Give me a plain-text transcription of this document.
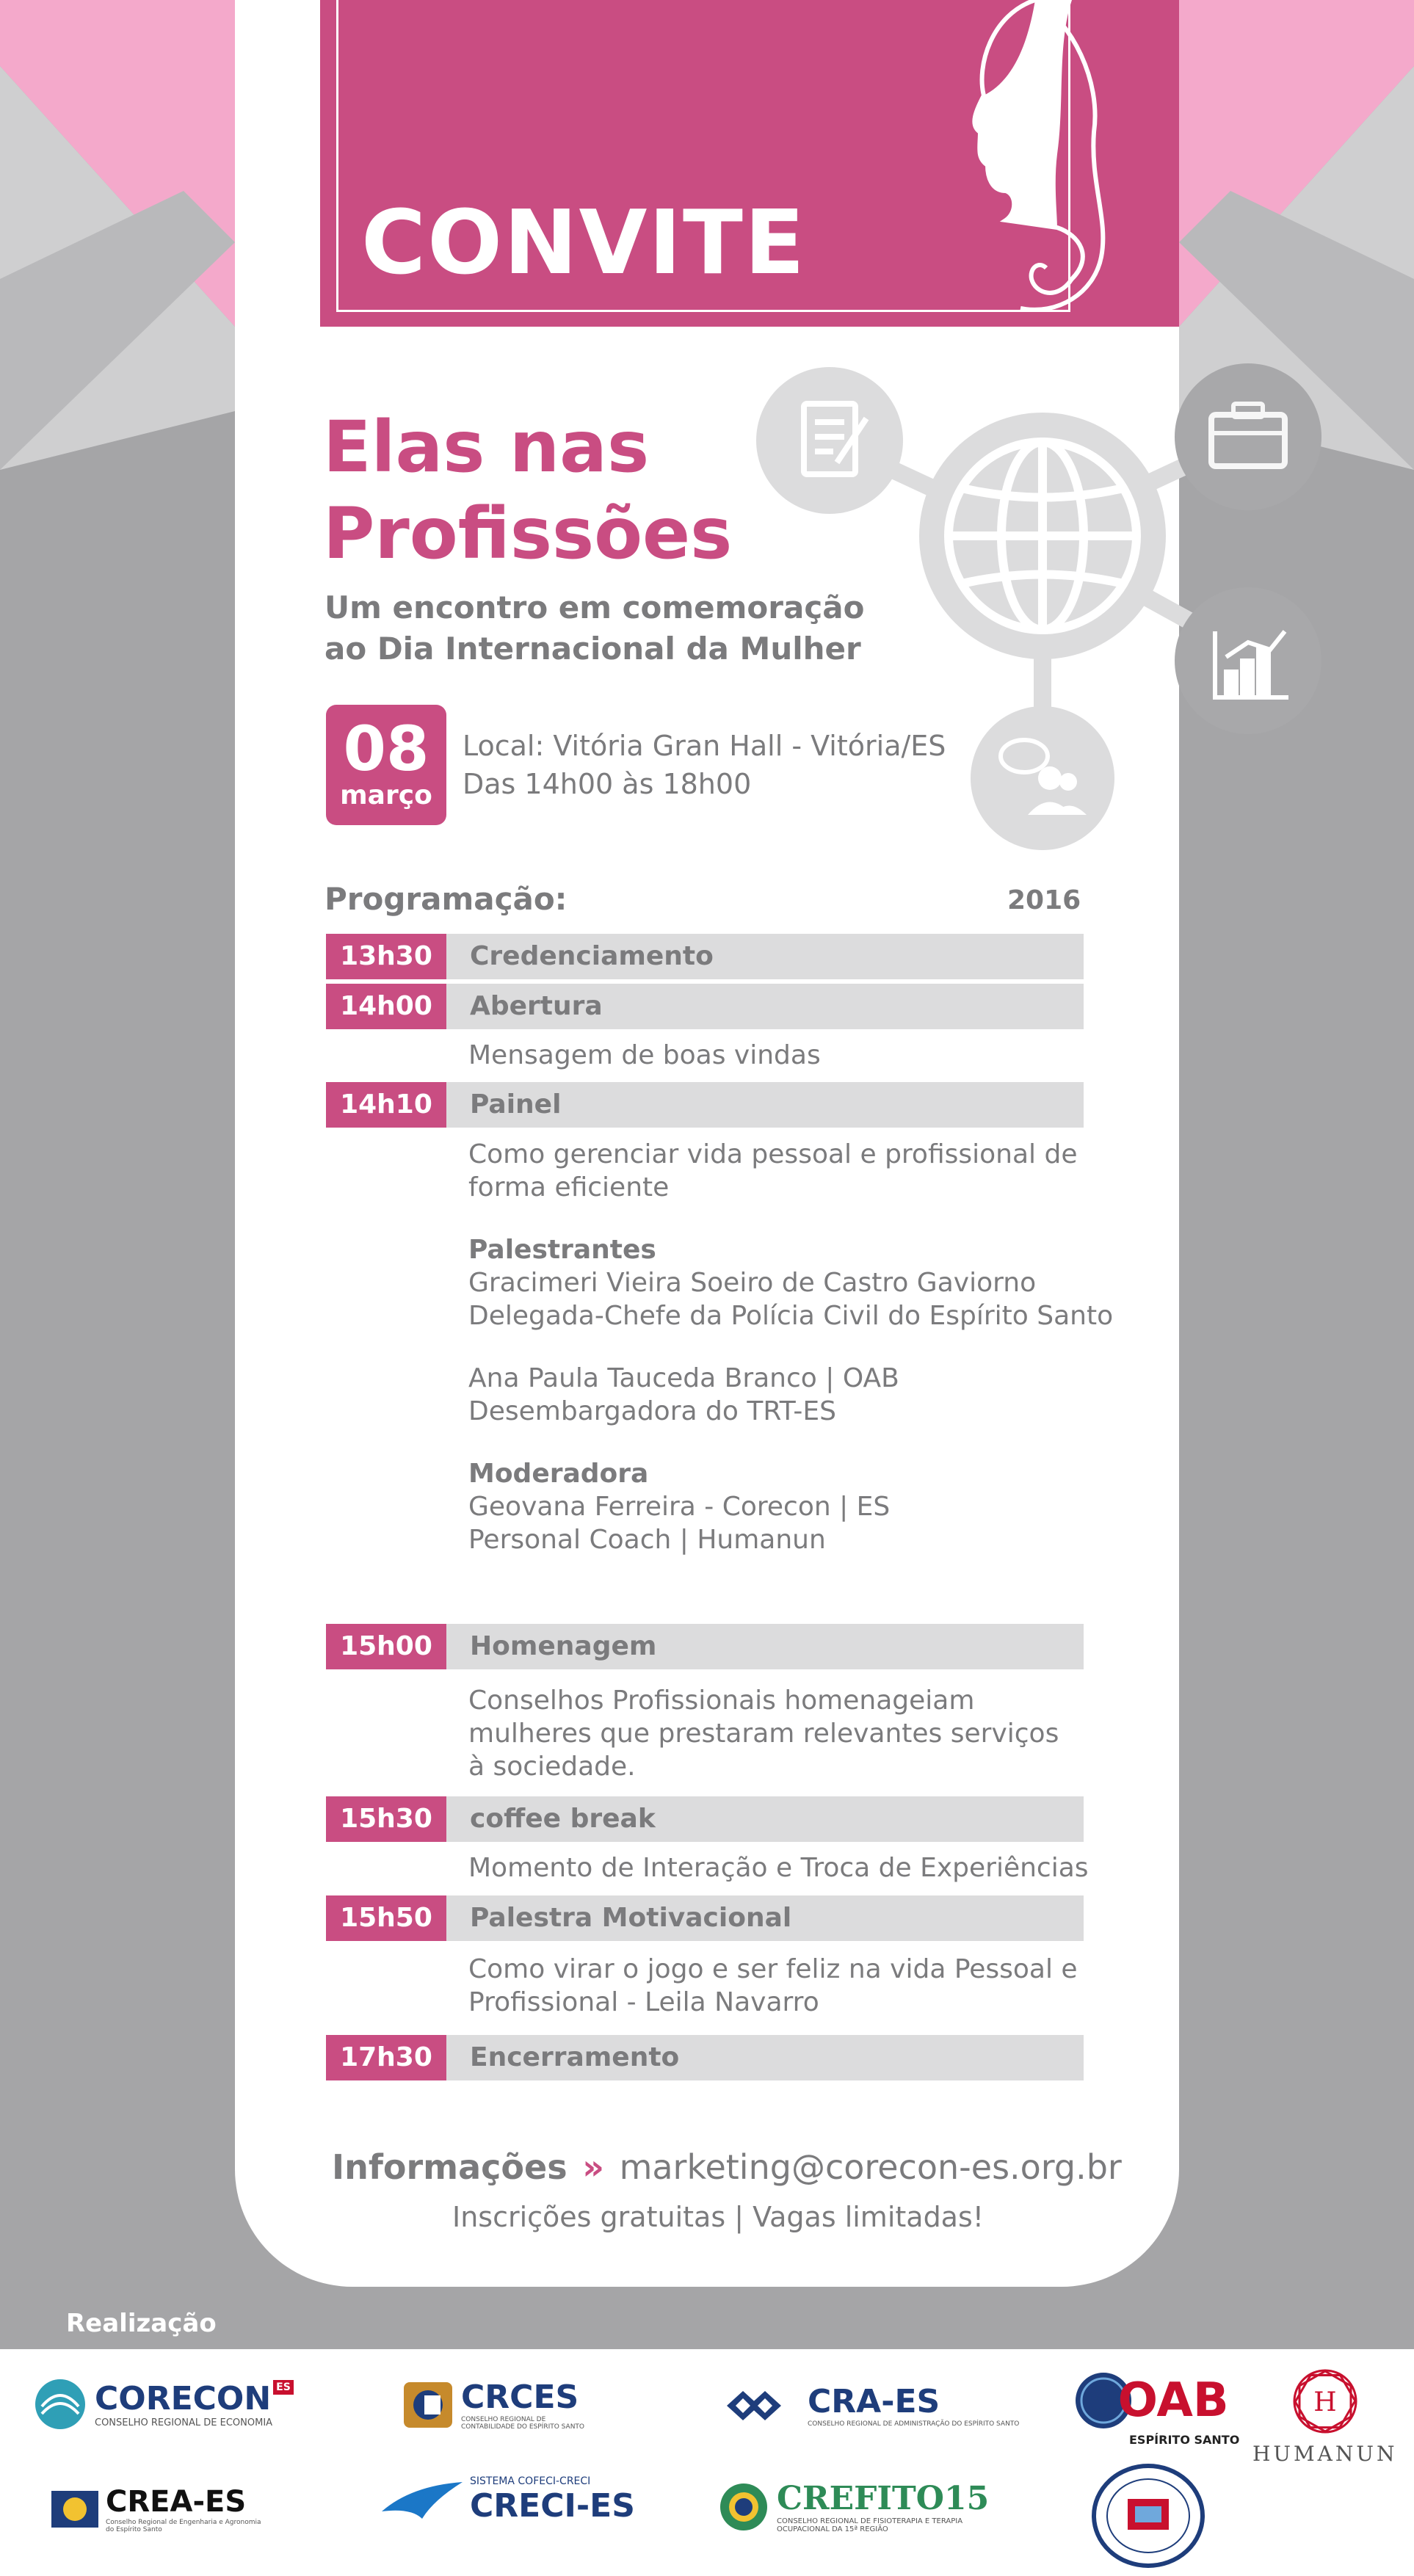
CONVITE
Elas nas
Profissões
Um encontro em comemoração
ao Dia Internacional da Mulher
08
março
Local: Vitória Gran Hall - Vitória/ES
Das 14h00 às 18h00
Programação:	2016
13h30	Credenciamento
14h00	Abertura
Mensagem de boas vindas
14h10	Painel
Como gerenciar vida pessoal e profissional de
forma eficiente
Palestrantes
Gracimeri Vieira Soeiro de Castro Gaviorno
Delegada-Chefe da Polícia Civil do Espírito Santo
Ana Paula Tauceda Branco | OAB
Desembargadora do TRT-ES
Moderadora
Geovana Ferreira - Corecon | ES
Personal Coach | Humanun
15h00	Homenagem
Conselhos Profissionais homenageiam
mulheres que prestaram relevantes serviços
à sociedade.
15h30	coffee break
Momento de Interação e Troca de Experiências
15h50	Palestra Motivacional
Como virar o jogo e ser feliz na vida Pessoal e
Profissional - Leila Navarro
17h30	Encerramento
Informações » marketing@corecon-es.org.br
Inscrições gratuitas | Vagas limitadas!
Realização
CORECON ES
CONSELHO REGIONAL DE ECONOMIA
CRCES
CONSELHO REGIONAL DE CONTABILIDADE DO ESPÍRITO SANTO
CRA-ES
CONSELHO REGIONAL DE ADMINISTRAÇÃO DO ESPÍRITO SANTO OAB
ESPÍRITO SANTO
H
HUMANUN
CREA-ES
Conselho Regional de Engenharia e Agronomia do Espírito Santo
SISTEMA COFECI-CRECI
CRECI-ES	CREFITO15
CONSELHO REGIONAL DE FISIOTERAPIA E TERAPIA OCUPACIONAL DA 15ª REGIÃO
